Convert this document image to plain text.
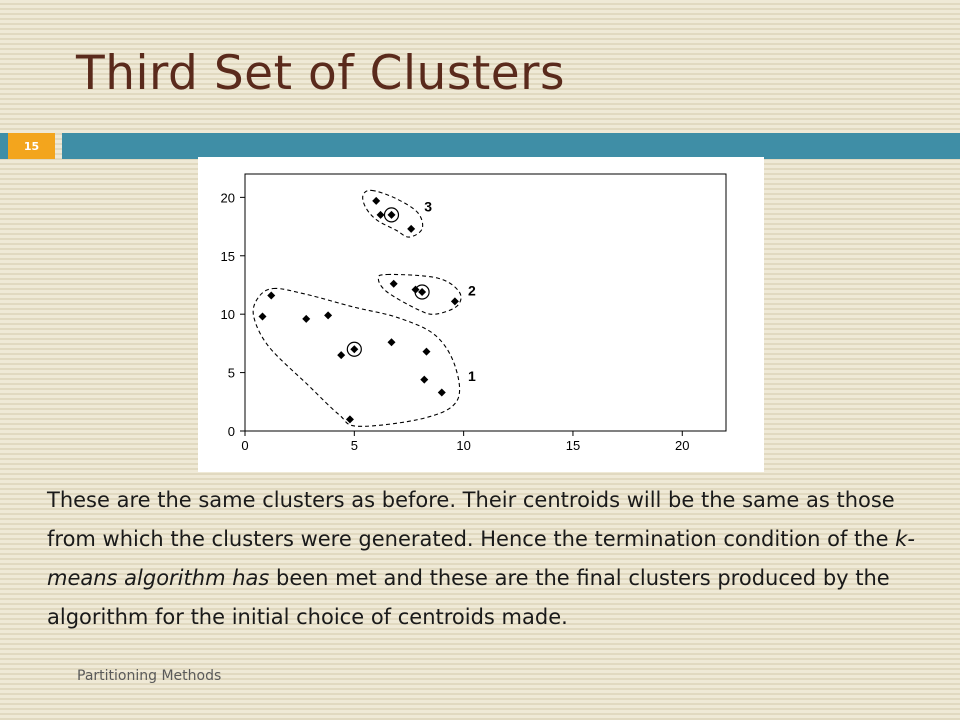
Third Set of Clusters
15
0	5	10	15	20
0
5
10
15
20
1
2
3
These are the same clusters as before. Their centroids will be the same as those from which the clusters were generated. Hence the termination condition of the k-means algorithm has been met and these are the final clusters produced by the algorithm for the initial choice of centroids made.
Partitioning Methods
